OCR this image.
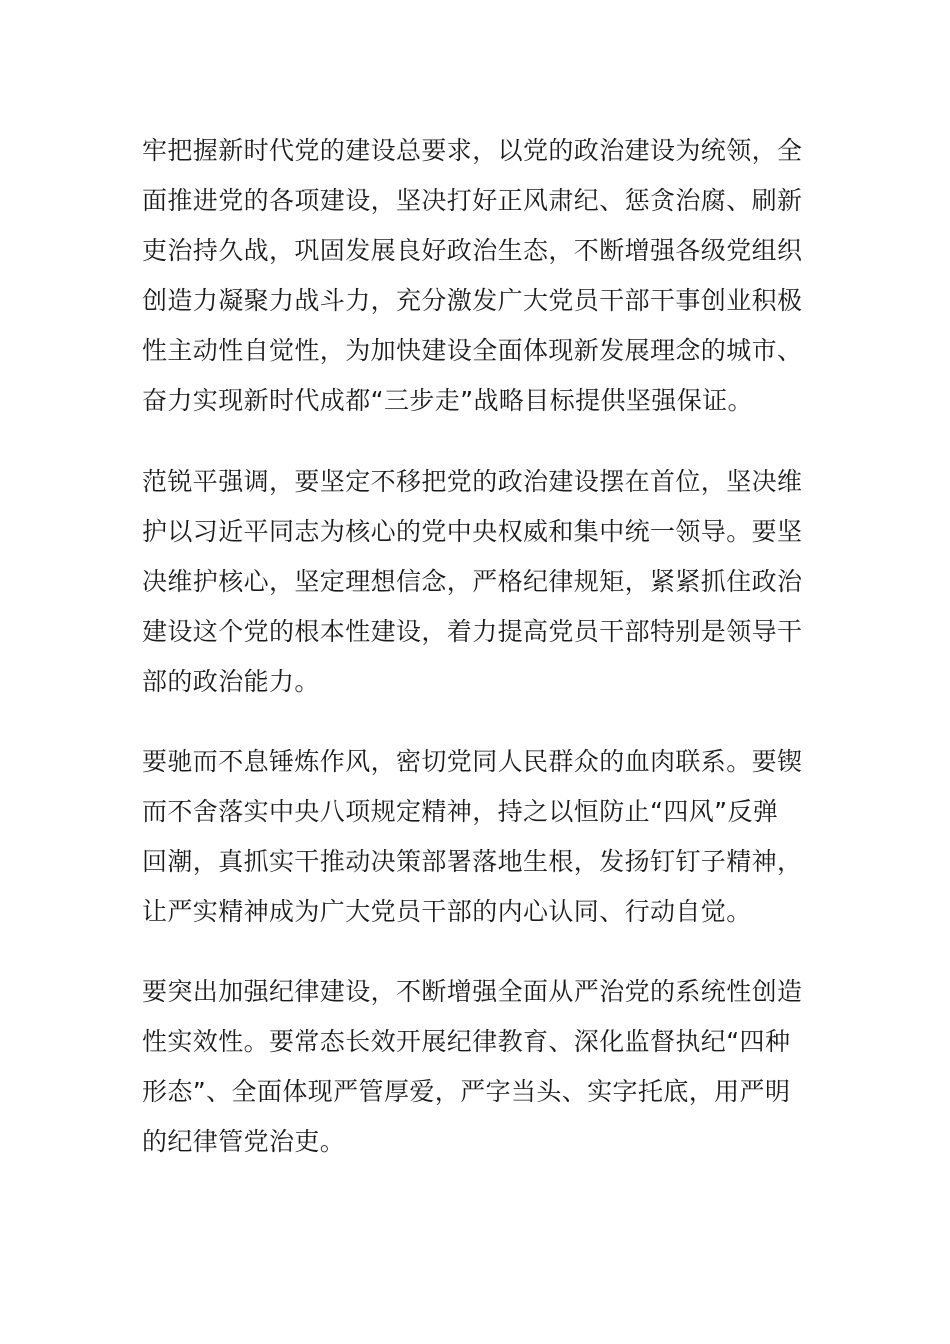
牢把握新时代党的建设总要求，以党的政治建设为统领，全
面推进党的各项建设，坚决打好正风肃纪、惩贪治腐、刷新
吏治持久战，巩固发展良好政治生态，不断增强各级党组织
创造力凝聚力战斗力，充分激发广大党员干部干事创业积极
性主动性自觉性，为加快建设全面体现新发展理念的城市、
奋力实现新时代成都“三步走”战略目标提供坚强保证。
范锐平强调，要坚定不移把党的政治建设摆在首位，坚决维
护以习近平同志为核心的党中央权威和集中统一领导。要坚
决维护核心，坚定理想信念，严格纪律规矩，紧紧抓住政治
建设这个党的根本性建设，着力提高党员干部特别是领导干
部的政治能力。
要驰而不息锤炼作风，密切党同人民群众的血肉联系。要锲
而不舍落实中央八项规定精神，持之以恒防止“四风”反弹
回潮，真抓实干推动决策部署落地生根，发扬钉钉子精神，
让严实精神成为广大党员干部的内心认同、行动自觉。
要突出加强纪律建设，不断增强全面从严治党的系统性创造
性实效性。要常态长效开展纪律教育、深化监督执纪“四种
形态”、全面体现严管厚爱，严字当头、实字托底，用严明
的纪律管党治吏。
